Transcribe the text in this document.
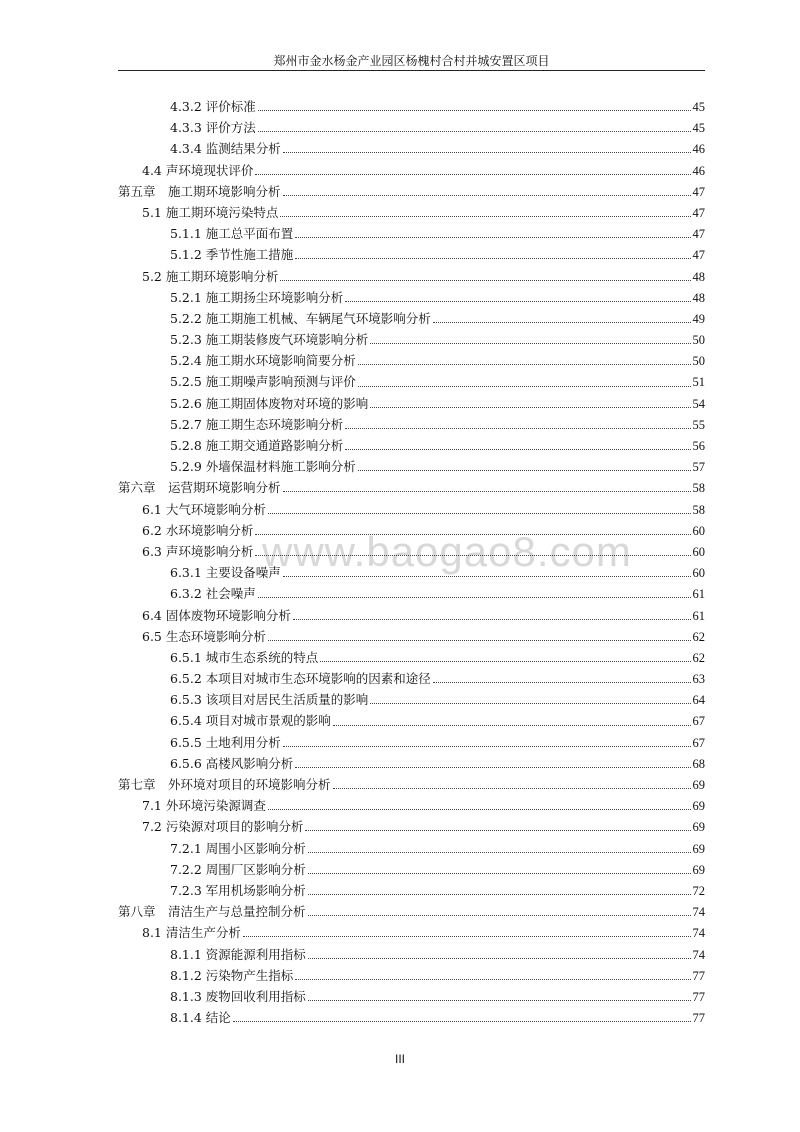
郑州市金水杨金产业园区杨槐村合村并城安置区项目
www.baogao8.com
4.3.2 评价标准	45
4.3.3 评价方法	45
4.3.4 监测结果分析	46
4.4 声环境现状评价	46
第五章　施工期环境影响分析	47
5.1 施工期环境污染特点	47
5.1.1 施工总平面布置	47
5.1.2 季节性施工措施	47
5.2 施工期环境影响分析	48
5.2.1 施工期扬尘环境影响分析	48
5.2.2 施工期施工机械、车辆尾气环境影响分析	49
5.2.3 施工期装修废气环境影响分析	50
5.2.4 施工期水环境影响简要分析	50
5.2.5 施工期噪声影响预测与评价	51
5.2.6 施工期固体废物对环境的影响	54
5.2.7 施工期生态环境影响分析	55
5.2.8 施工期交通道路影响分析	56
5.2.9 外墙保温材料施工影响分析	57
第六章　运营期环境影响分析	58
6.1 大气环境影响分析	58
6.2 水环境影响分析	60
6.3 声环境影响分析	60
6.3.1 主要设备噪声	60
6.3.2 社会噪声	61
6.4 固体废物环境影响分析	61
6.5 生态环境影响分析	62
6.5.1 城市生态系统的特点	62
6.5.2 本项目对城市生态环境影响的因素和途径	63
6.5.3 该项目对居民生活质量的影响	64
6.5.4 项目对城市景观的影响	67
6.5.5 土地利用分析	67
6.5.6 高楼风影响分析	68
第七章　外环境对项目的环境影响分析	69
7.1 外环境污染源调查	69
7.2 污染源对项目的影响分析	69
7.2.1 周围小区影响分析	69
7.2.2 周围厂区影响分析	69
7.2.3 军用机场影响分析	72
第八章　清洁生产与总量控制分析	74
8.1 清洁生产分析	74
8.1.1 资源能源利用指标	74
8.1.2 污染物产生指标	77
8.1.3 废物回收利用指标	77
8.1.4 结论	77
III
